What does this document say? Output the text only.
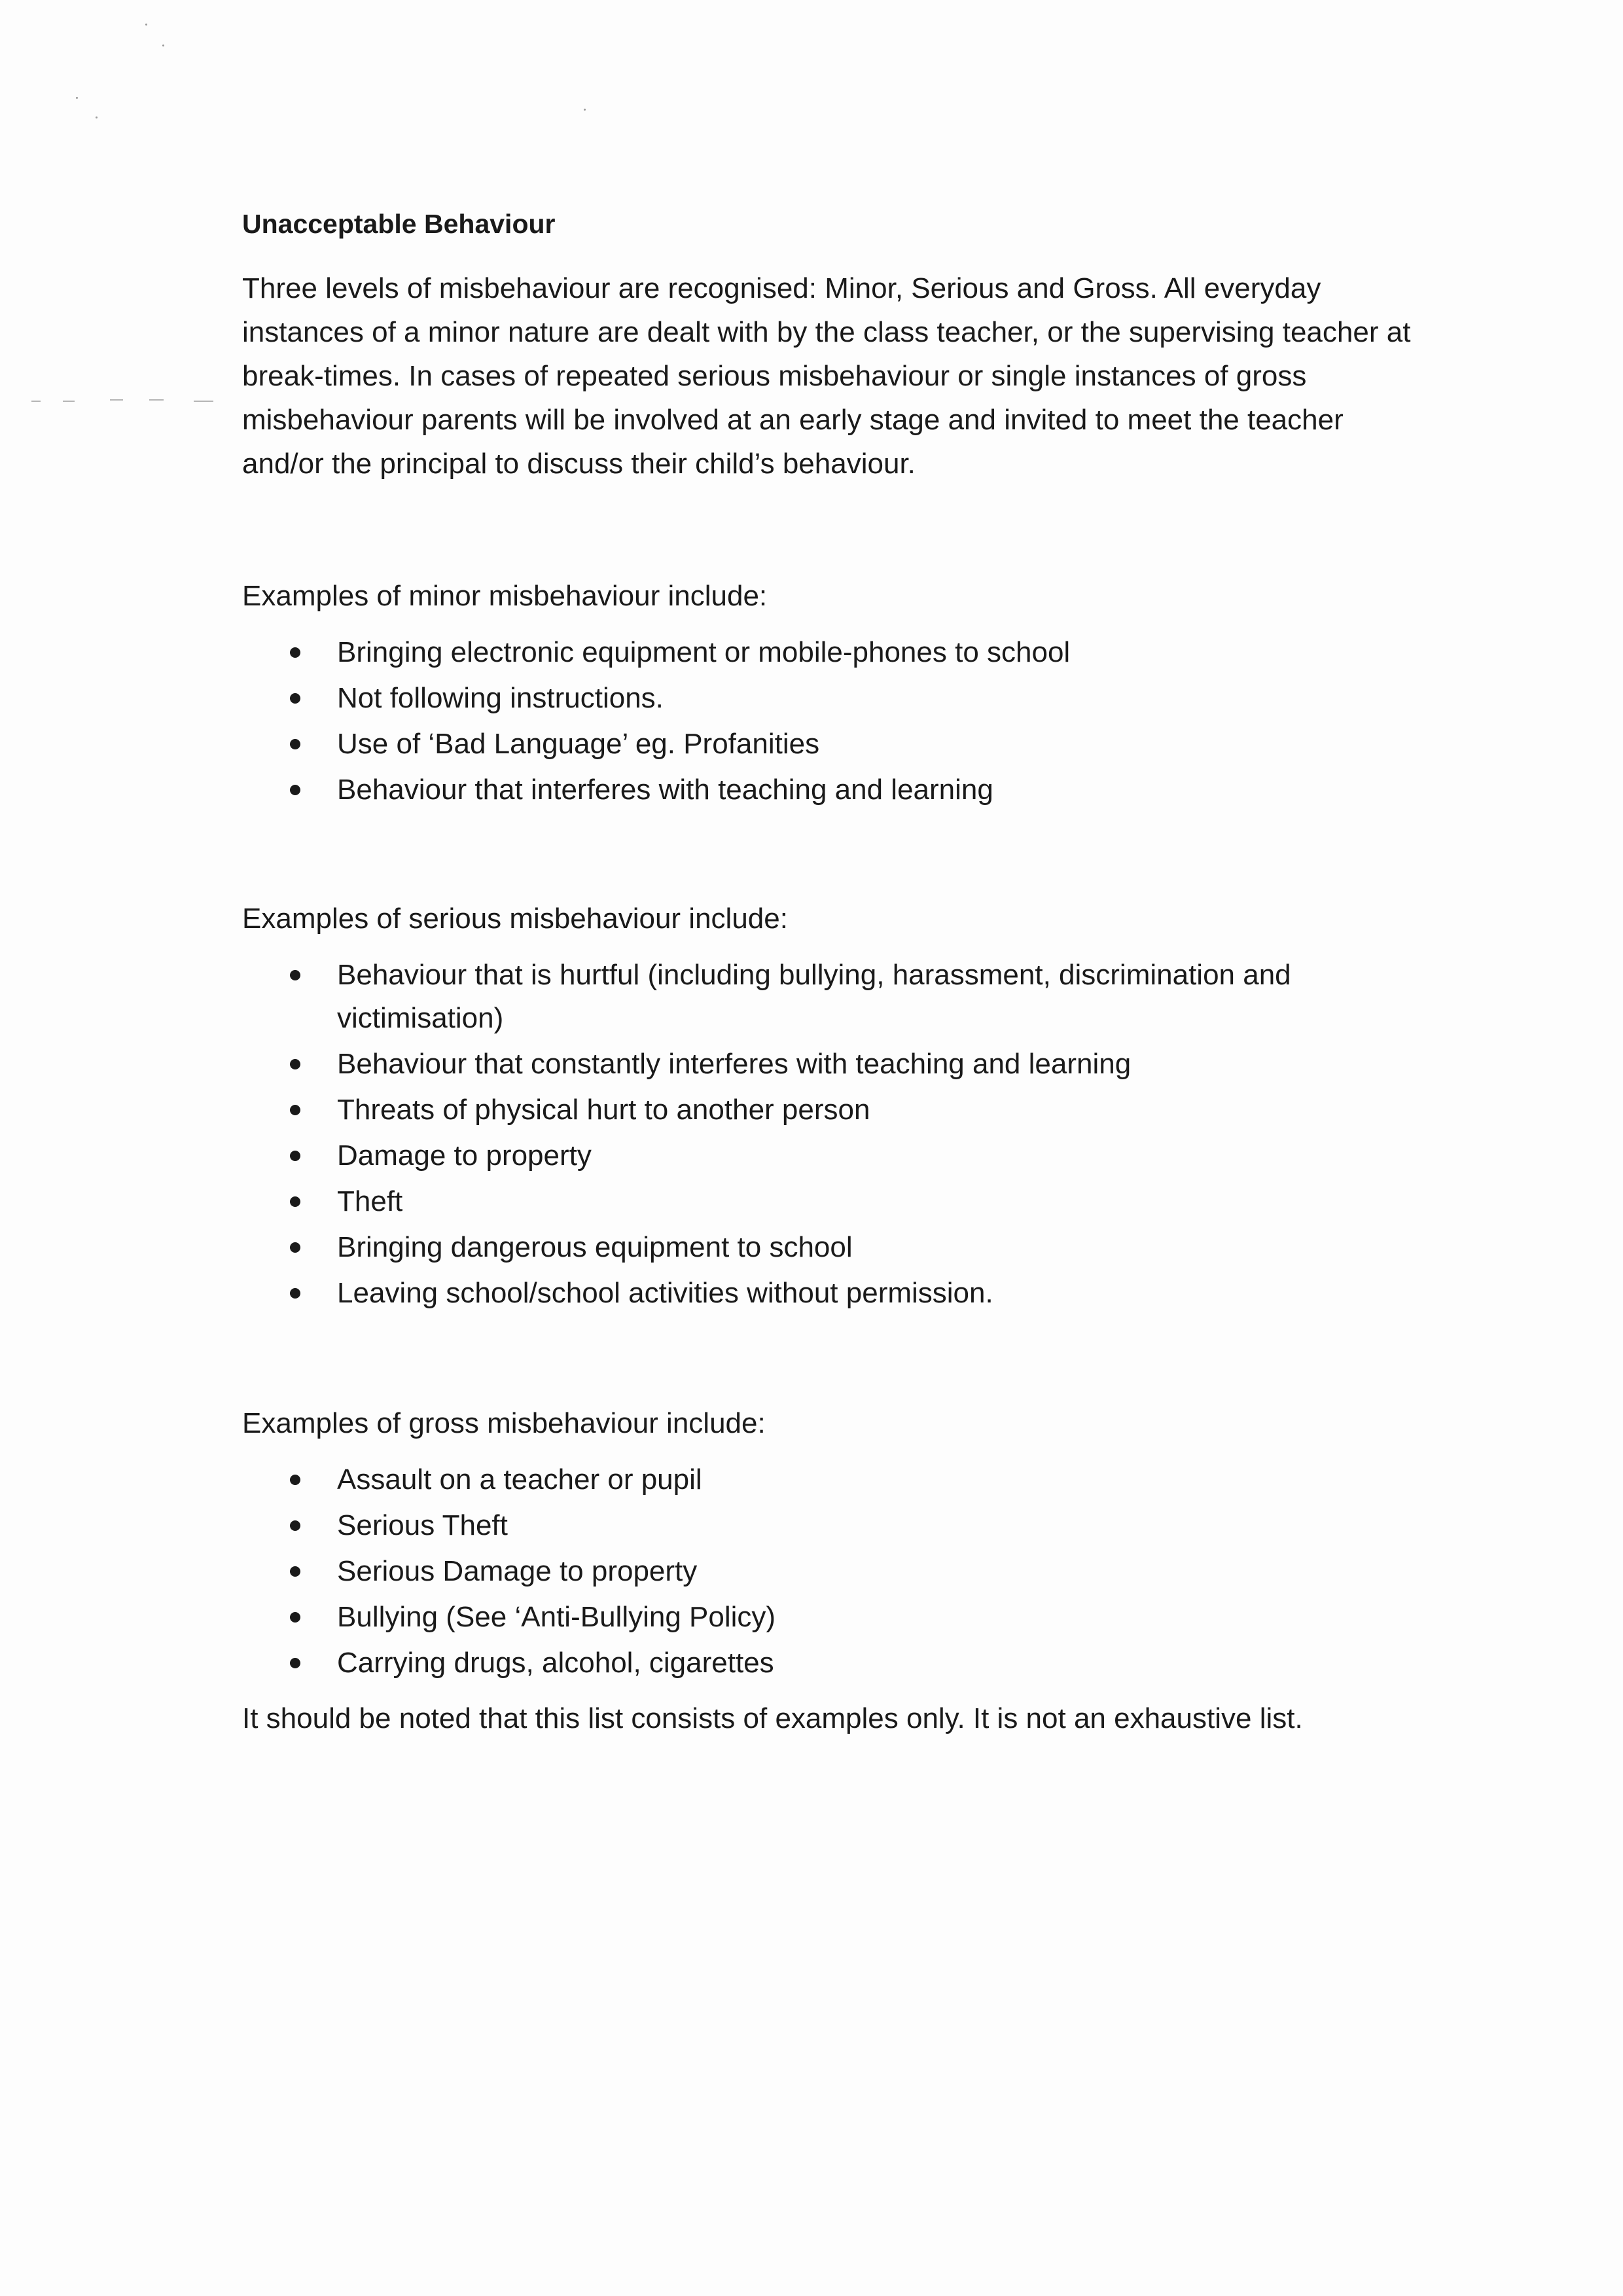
Unacceptable Behaviour

Three levels of misbehaviour are recognised: Minor, Serious and Gross. All everyday instances of a minor nature are dealt with by the class teacher, or the supervising teacher at break-times. In cases of repeated serious misbehaviour or single instances of gross misbehaviour parents will be involved at an early stage and invited to meet the teacher and/or the principal to discuss their child’s behaviour.

Examples of minor misbehaviour include:

Bringing electronic equipment or mobile-phones to school
Not following instructions.
Use of ‘Bad Language’ eg. Profanities
Behaviour that interferes with teaching and learning

Examples of serious misbehaviour include:

Behaviour that is hurtful (including bullying, harassment, discrimination and victimisation)
Behaviour that constantly interferes with teaching and learning
Threats of physical hurt to another person
Damage to property
Theft
Bringing dangerous equipment to school
Leaving school/school activities without permission.

Examples of gross misbehaviour include:

Assault on a teacher or pupil
Serious Theft
Serious Damage to property
Bullying (See ‘Anti-Bullying Policy)
Carrying drugs, alcohol, cigarettes

It should be noted that this list consists of examples only. It is not an exhaustive list.
